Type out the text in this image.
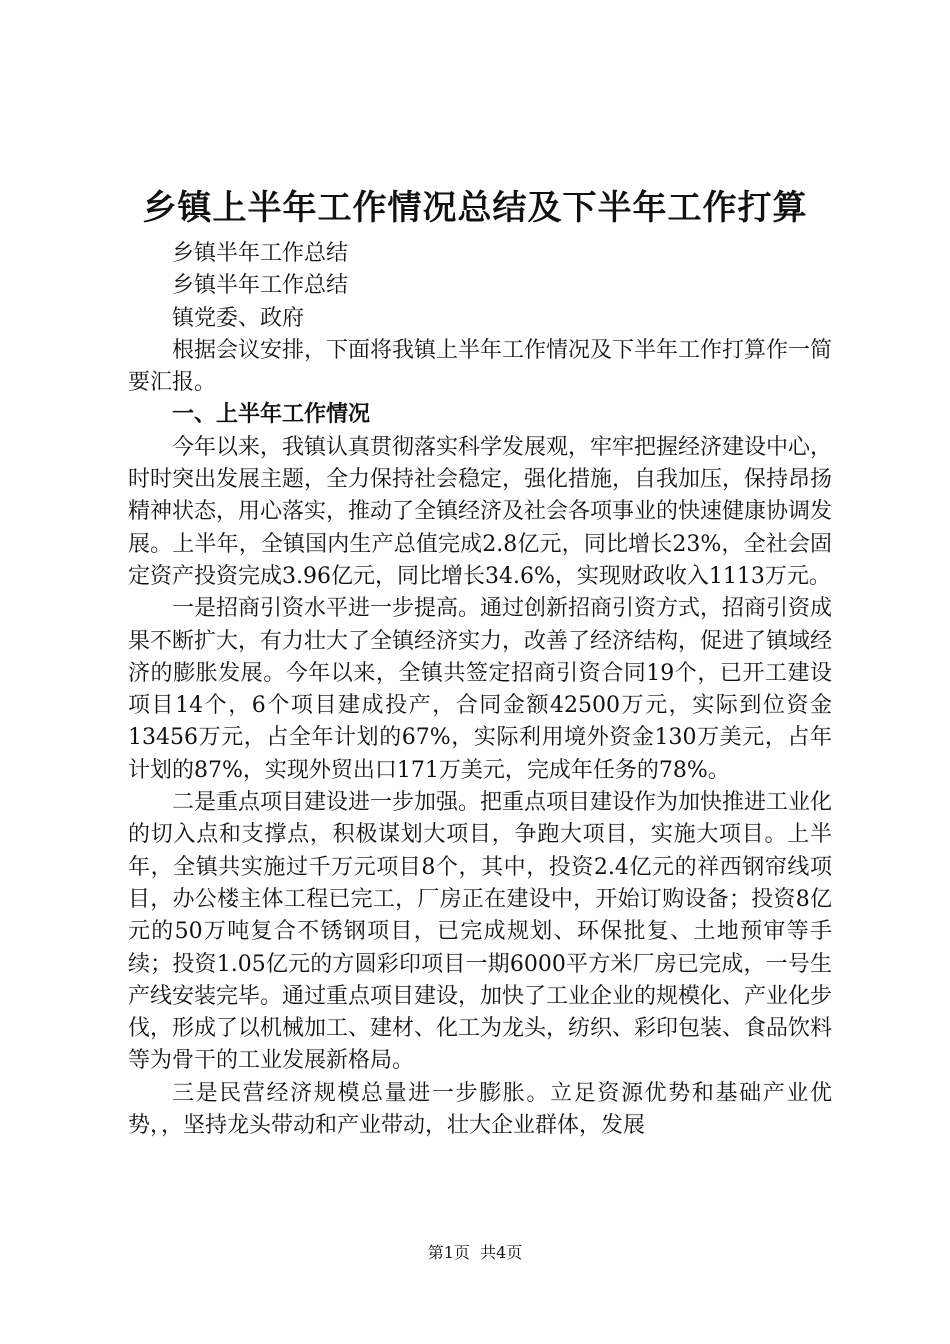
乡镇上半年工作情况总结及下半年工作打算

乡镇半年工作总结

乡镇半年工作总结

镇党委、政府

根据会议安排，下面将我镇上半年工作情况及下半年工作打算作一简要汇报。

一、上半年工作情况

今年以来，我镇认真贯彻落实科学发展观，牢牢把握经济建设中心，时时突出发展主题，全力保持社会稳定，强化措施，自我加压，保持昂扬精神状态，用心落实，推动了全镇经济及社会各项事业的快速健康协调发展。上半年，全镇国内生产总值完成2.8亿元，同比增长23%，全社会固定资产投资完成3.96亿元，同比增长34.6%，实现财政收入1113万元。

一是招商引资水平进一步提高。通过创新招商引资方式，招商引资成果不断扩大，有力壮大了全镇经济实力，改善了经济结构，促进了镇域经济的膨胀发展。今年以来，全镇共签定招商引资合同19个，已开工建设项目14个，6个项目建成投产，合同金额42500万元，实际到位资金13456万元，占全年计划的67%，实际利用境外资金130万美元，占年计划的87%，实现外贸出口171万美元，完成年任务的78%。

二是重点项目建设进一步加强。把重点项目建设作为加快推进工业化的切入点和支撑点，积极谋划大项目，争跑大项目，实施大项目。上半年，全镇共实施过千万元项目8个，其中，投资2.4亿元的祥西钢帘线项目，办公楼主体工程已完工，厂房正在建设中，开始订购设备；投资8亿元的50万吨复合不锈钢项目，已完成规划、环保批复、土地预审等手续；投资1.05亿元的方圆彩印项目一期6000平方米厂房已完成，一号生产线安装完毕。通过重点项目建设，加快了工业企业的规模化、产业化步伐，形成了以机械加工、建材、化工为龙头，纺织、彩印包装、食品饮料等为骨干的工业发展新格局。

三是民营经济规模总量进一步膨胀。立足资源优势和基础产业优势，，坚持龙头带动和产业带动，壮大企业群体，发展

第1页 共4页
